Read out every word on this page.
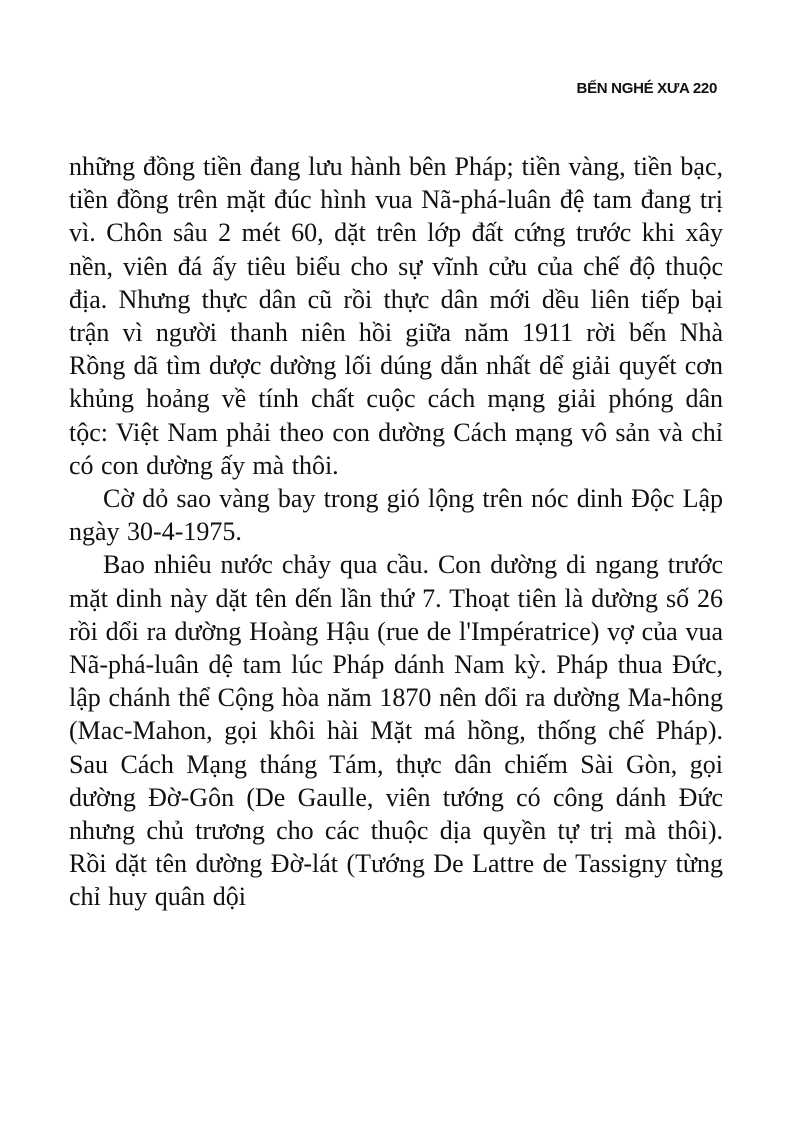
BẾN NGHÉ XƯA 220

những đồng tiền đang lưu hành bên Pháp; tiền vàng, tiền bạc, tiền đồng trên mặt đúc hình vua Nã-phá-luân đệ tam đang trị vì. Chôn sâu 2 mét 60, dặt trên lớp đất cứng trước khi xây nền, viên đá ấy tiêu biểu cho sự vĩnh cửu của chế độ thuộc địa. Nhưng thực dân cũ rồi thực dân mới dều liên tiếp bại trận vì người thanh niên hồi giữa năm 1911 rời bến Nhà Rồng dã tìm dược dường lối dúng dắn nhất dể giải quyết cơn khủng hoảng về tính chất cuộc cách mạng giải phóng dân tộc: Việt Nam phải theo con dường Cách mạng vô sản và chỉ có con dường ấy mà thôi.

Cờ dỏ sao vàng bay trong gió lộng trên nóc dinh Độc Lập ngày 30-4-1975.

Bao nhiêu nước chảy qua cầu. Con dường di ngang trước mặt dinh này dặt tên dến lần thứ 7. Thoạt tiên là dường số 26 rồi dổi ra dường Hoàng Hậu (rue de l'Impératrice) vợ của vua Nã-phá-luân dệ tam lúc Pháp dánh Nam kỳ. Pháp thua Đức, lập chánh thể Cộng hòa năm 1870 nên dổi ra dường Ma-hông (Mac-Mahon, gọi khôi hài Mặt má hồng, thống chế Pháp). Sau Cách Mạng tháng Tám, thực dân chiếm Sài Gòn, gọi dường Đờ-Gôn (De Gaulle, viên tướng có công dánh Đức nhưng chủ trương cho các thuộc dịa quyền tự trị mà thôi). Rồi dặt tên dường Đờ-lát (Tướng De Lattre de Tassigny từng chỉ huy quân dội
